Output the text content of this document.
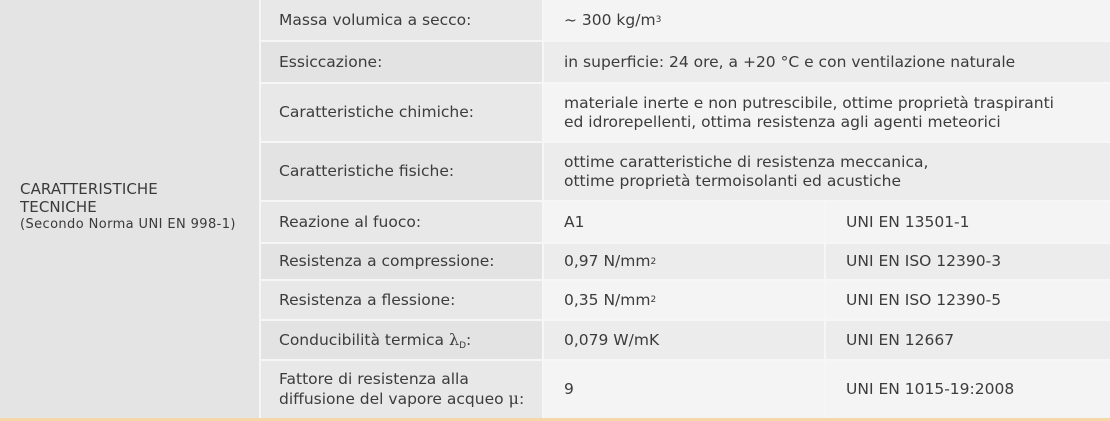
CARATTERISTICHE
TECNICHE
(Secondo Norma UNI EN 998-1)
Massa volumica a secco:	~ 300 kg/m 3
Essiccazione:	in superficie: 24 ore, a +20 °C e con ventilazione naturale
Caratteristiche chimiche:
materiale inerte e non putrescibile, ottime proprietà traspiranti
ed idrorepellenti, ottima resistenza agli agenti meteorici
Caratteristiche fisiche:
ottime caratteristiche di resistenza meccanica,
ottime proprietà termoisolanti ed acustiche
Reazione al fuoco:	A1	UNI EN 13501-1
Resistenza a compressione:	0,97 N/mm 2	UNI EN ISO 12390-3
Resistenza a flessione:	0,35 N/mm 2	UNI EN ISO 12390-5
Conducibilità termica $\lambda_D$:	0,079 W/mK	UNI EN 12667
Fattore di resistenza alla
diffusione del vapore acqueo μ:
9	UNI EN 1015-19:2008
